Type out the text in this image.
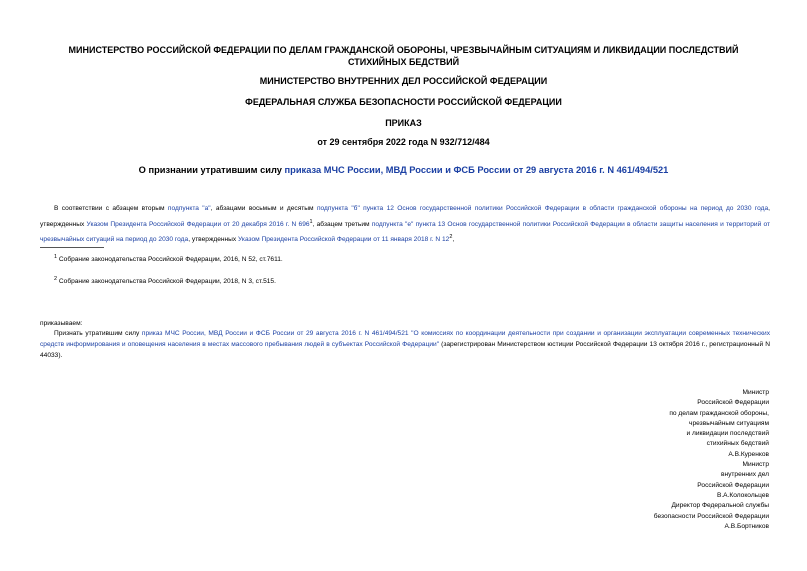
МИНИСТЕРСТВО РОССИЙСКОЙ ФЕДЕРАЦИИ ПО ДЕЛАМ ГРАЖДАНСКОЙ ОБОРОНЫ, ЧРЕЗВЫЧАЙНЫМ СИТУАЦИЯМ И ЛИКВИДАЦИИ ПОСЛЕДСТВИЙ СТИХИЙНЫХ БЕДСТВИЙ
МИНИСТЕРСТВО ВНУТРЕННИХ ДЕЛ РОССИЙСКОЙ ФЕДЕРАЦИИ
ФЕДЕРАЛЬНАЯ СЛУЖБА БЕЗОПАСНОСТИ РОССИЙСКОЙ ФЕДЕРАЦИИ
ПРИКАЗ
от 29 сентября 2022 года N 932/712/484
О признании утратившим силу приказа МЧС России, МВД России и ФСБ России от 29 августа 2016 г. N 461/494/521
В соответствии с абзацем вторым подпункта "а", абзацами восьмым и десятым подпункта "б" пункта 12 Основ государственной политики Российской Федерации в области гражданской обороны на период до 2030 года, утвержденных Указом Президента Российской Федерации от 20 декабря 2016 г. N $696^1$, абзацем третьим подпункта "е" пункта 13 Основ государственной политики Российской Федерации в области защиты населения и территорий от чрезвычайных ситуаций на период до 2030 года, утвержденных Указом Президента Российской Федерации от 11 января 2018 г. N $12^2$,
$^1$ Собрание законодательства Российской Федерации, 2016, N 52, ст.7611.
$^2$ Собрание законодательства Российской Федерации, 2018, N 3, ст.515.
приказываем:
Признать утратившим силу приказ МЧС России, МВД России и ФСБ России от 29 августа 2016 г. N 461/494/521 "О комиссиях по координации деятельности при создании и организации эксплуатации современных технических средств информирования и оповещения населения в местах массового пребывания людей в субъектах Российской Федерации" (зарегистрирован Министерством юстиции Российской Федерации 13 октября 2016 г., регистрационный N 44033).
Министр
Российской Федерации
по делам гражданской обороны,
чрезвычайным ситуациям
и ликвидации последствий
стихийных бедствий
А.В.Куренков
Министр
внутренних дел
Российской Федерации
В.А.Колокольцев
Директор Федеральной службы
безопасности Российской Федерации
А.В.Бортников
